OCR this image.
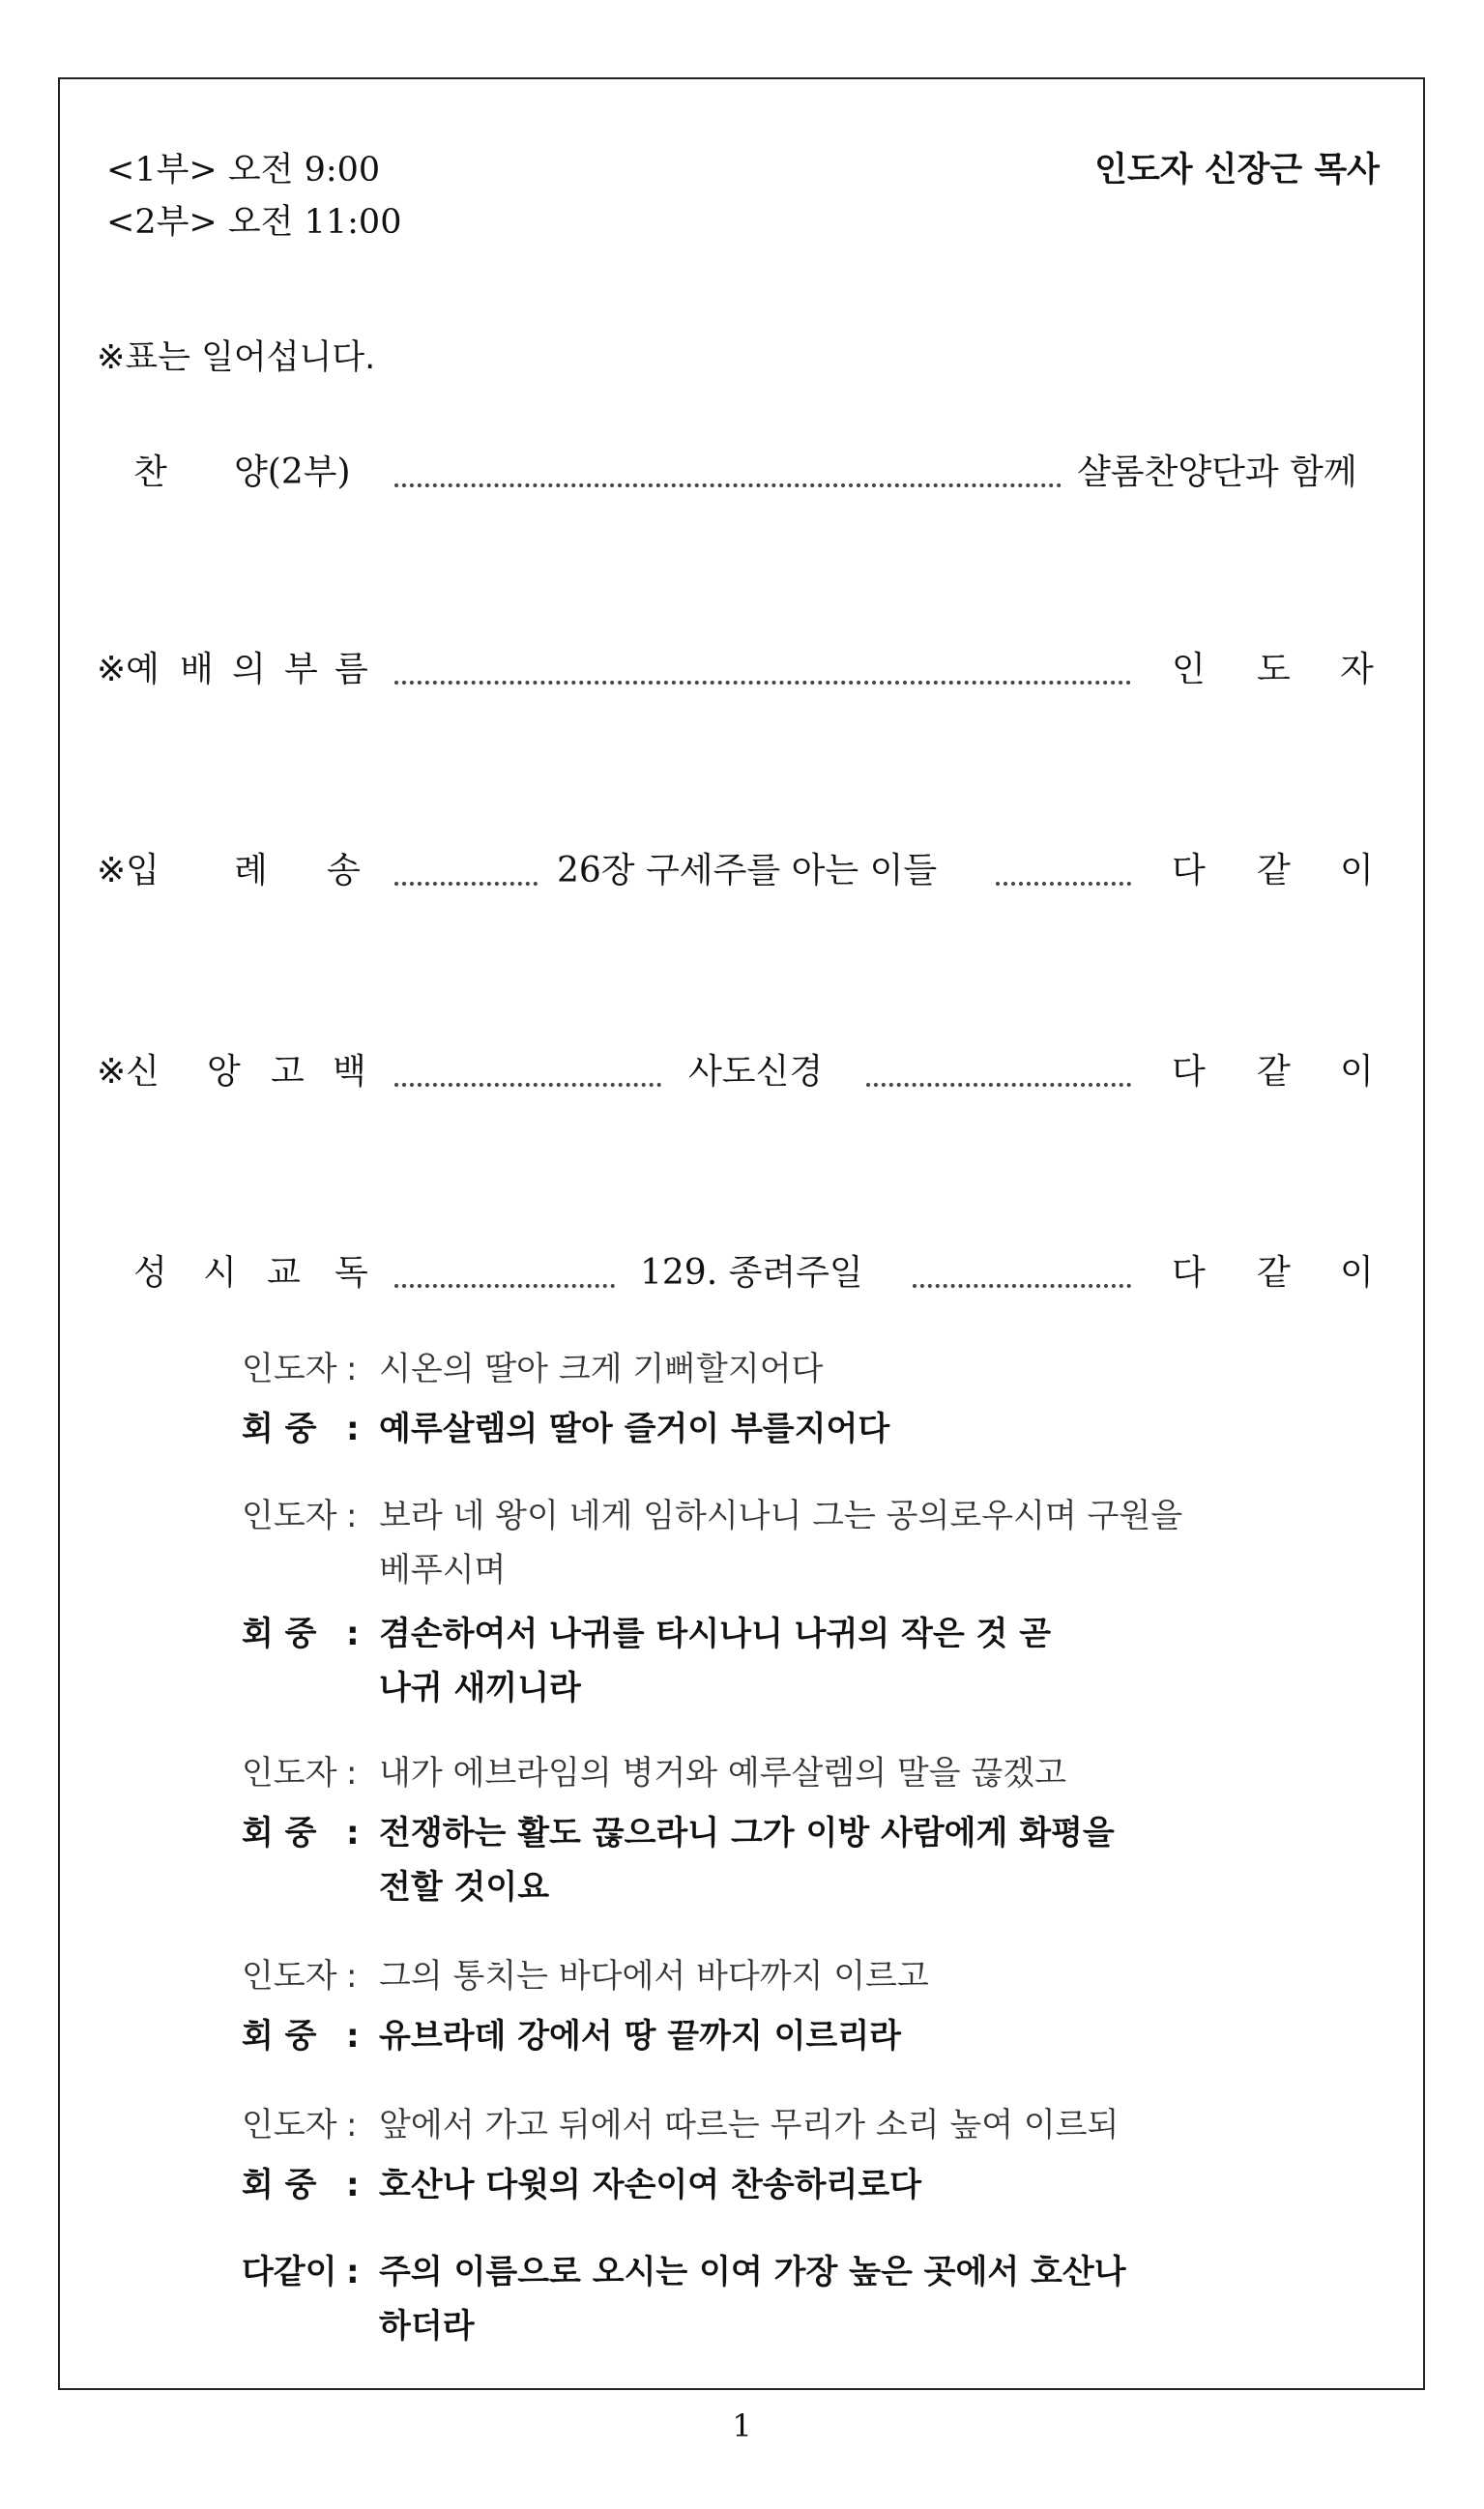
<1부> 오전 9:00
<2부> 오전 11:00
인도자 신장근 목사
※표는 일어섭니다.
찬 양(2부)	샬롬찬양단과 함께
※예 배 의 부 름	인 도 자
※입 례 송	26장 구세주를 아는 이들	다 같 이
※신 앙 고 백	사도신경	다 같 이
성 시 교 독	129. 종려주일	다 같 이
인도자 : 시온의 딸아 크게 기뻐할지어다
회 중 : 예루살렘의 딸아 즐거이 부를지어다
인도자 : 보라 네 왕이 네게 임하시나니 그는 공의로우시며 구원을
베푸시며
회 중 : 겸손하여서 나귀를 타시나니 나귀의 작은 것 곧
나귀 새끼니라
인도자 : 내가 에브라임의 병거와 예루살렘의 말을 끊겠고
회 중 : 전쟁하는 활도 끊으라니 그가 이방 사람에게 화평을
전할 것이요
인도자 : 그의 통치는 바다에서 바다까지 이르고
회 중 : 유브라데 강에서 땅 끝까지 이르리라
인도자 : 앞에서 가고 뒤에서 따르는 무리가 소리 높여 이르되
회 중 : 호산나 다윗의 자손이여 찬송하리로다
다같이 : 주의 이름으로 오시는 이여 가장 높은 곳에서 호산나
하더라
1
